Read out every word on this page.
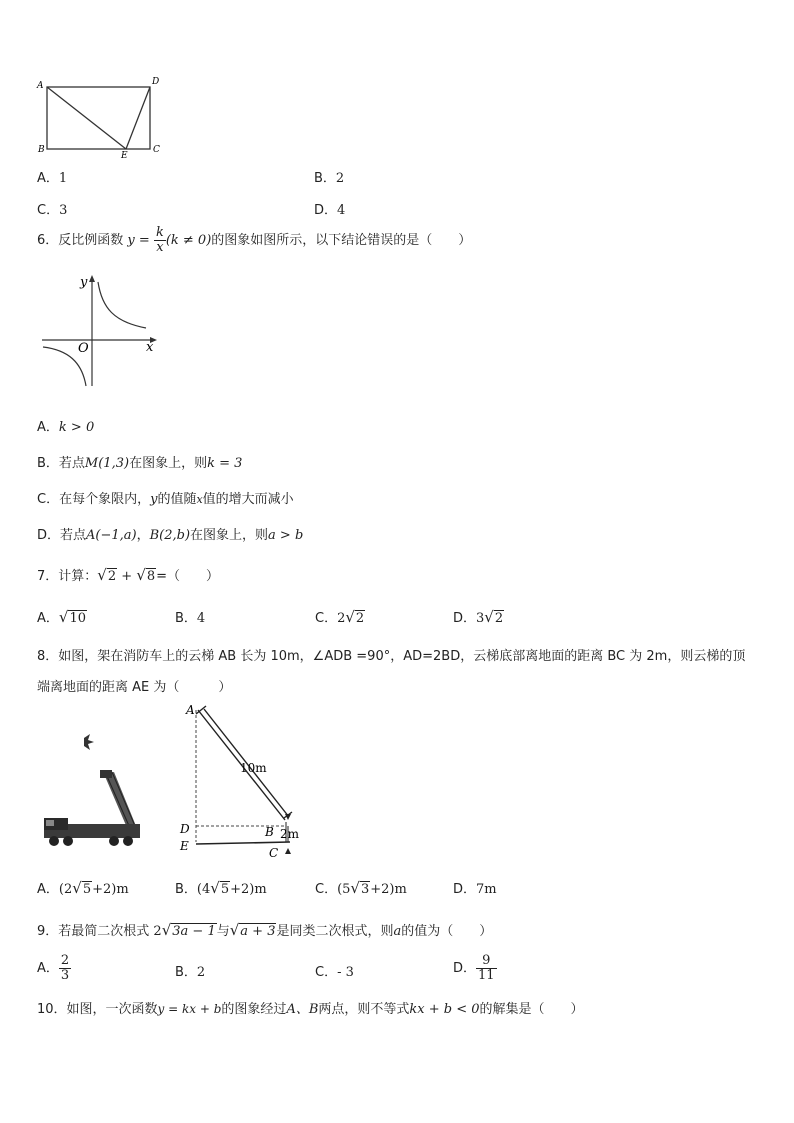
A	D
B
E
C
A．1	B．2
C．3	D．4
6．反比例函数 $y = \frac{k}{x} (k \ne 0)$的图象如图所示，以下结论错误的是（　　）
y
x
O
A．k > 0
B．若点M(1,3)在图象上，则k = 3
C．在每个象限内，y的值随x值的增大而减小
D．若点A(−1,a)，B(2,b)在图象上，则a > b
7．计算：√2 + √8=（　　）
A．√10	B．4	C．2√2	D．3√2
8．如图，架在消防车上的云梯 AB 长为 10m，∠ADB =90°，AD=2BD，云梯底部离地面的距离 BC 为 2m，则云梯的顶
端离地面的距离 AE 为（　　　）
A
10m
D	B 2m
E	C
A．(2√5+2)m	B．(4√5+2)m	C．(5√3+2)m	D．7m
9．若最简二次根式 2√3a − 1与√a + 3是同类二次根式，则a的值为（　　）
A． $\frac{2}{3}$	B．2	C．- 3	D． $\frac{9}{11}$
10．如图，一次函数y = kx + b的图象经过A、B两点，则不等式kx + b < 0的解集是（　　）
